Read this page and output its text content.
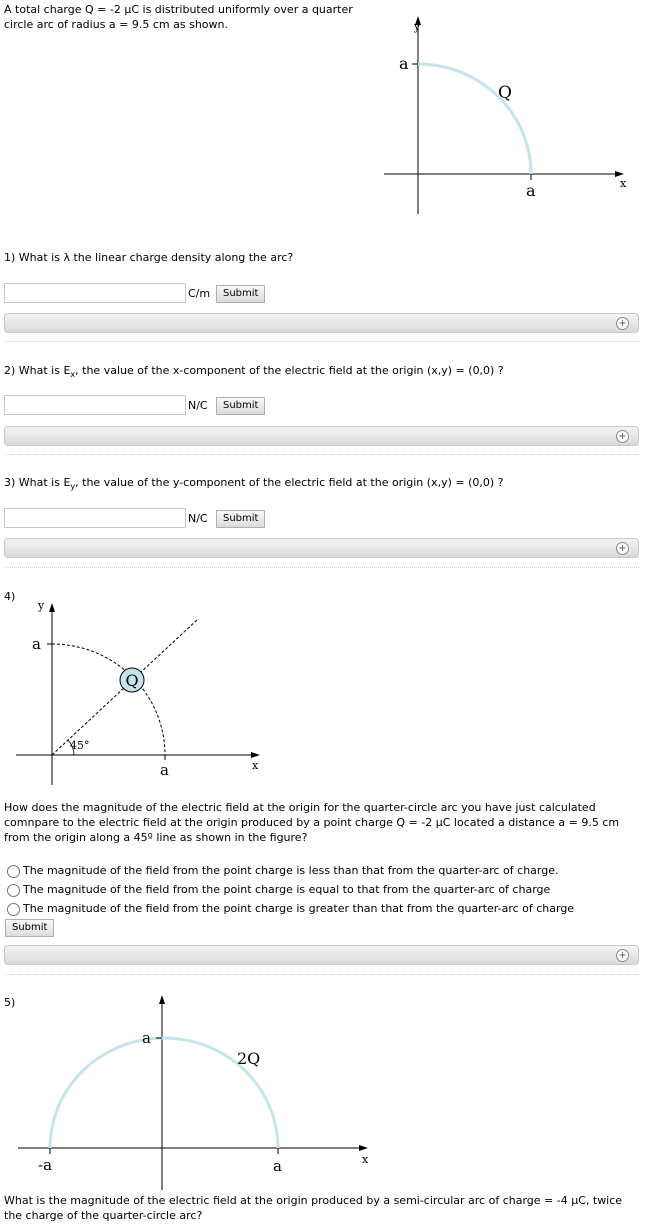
A total charge Q = -2 μC is distributed uniformly over a quarter
circle arc of radius a = 9.5 cm as shown.	y
x
a
a
Q
1) What is λ the linear charge density along the arc?
C/m	Submit
+
2) What is $E_x$, the value of the x-component of the electric field at the origin (x,y) = (0,0) ?
N/C	Submit
+
3) What is $E_y$, the value of the y-component of the electric field at the origin (x,y) = (0,0) ?
N/C	Submit
+
4)
y
x
a
a
Q
45°
How does the magnitude of the electric field at the origin for the quarter-circle arc you have just calculated
comnpare to the electric field at the origin produced by a point charge Q = -2 μC located a distance a = 9.5 cm
from the origin along a 45º line as shown in the figure?
The magnitude of the field from the point charge is less than that from the quarter-arc of charge.
The magnitude of the field from the point charge is equal to that from the quarter-arc of charge
The magnitude of the field from the point charge is greater than that from the quarter-arc of charge
Submit
+
5)
a
-a	a	x
2Q
What is the magnitude of the electric field at the origin produced by a semi-circular arc of charge = -4 μC, twice
the charge of the quarter-circle arc?
